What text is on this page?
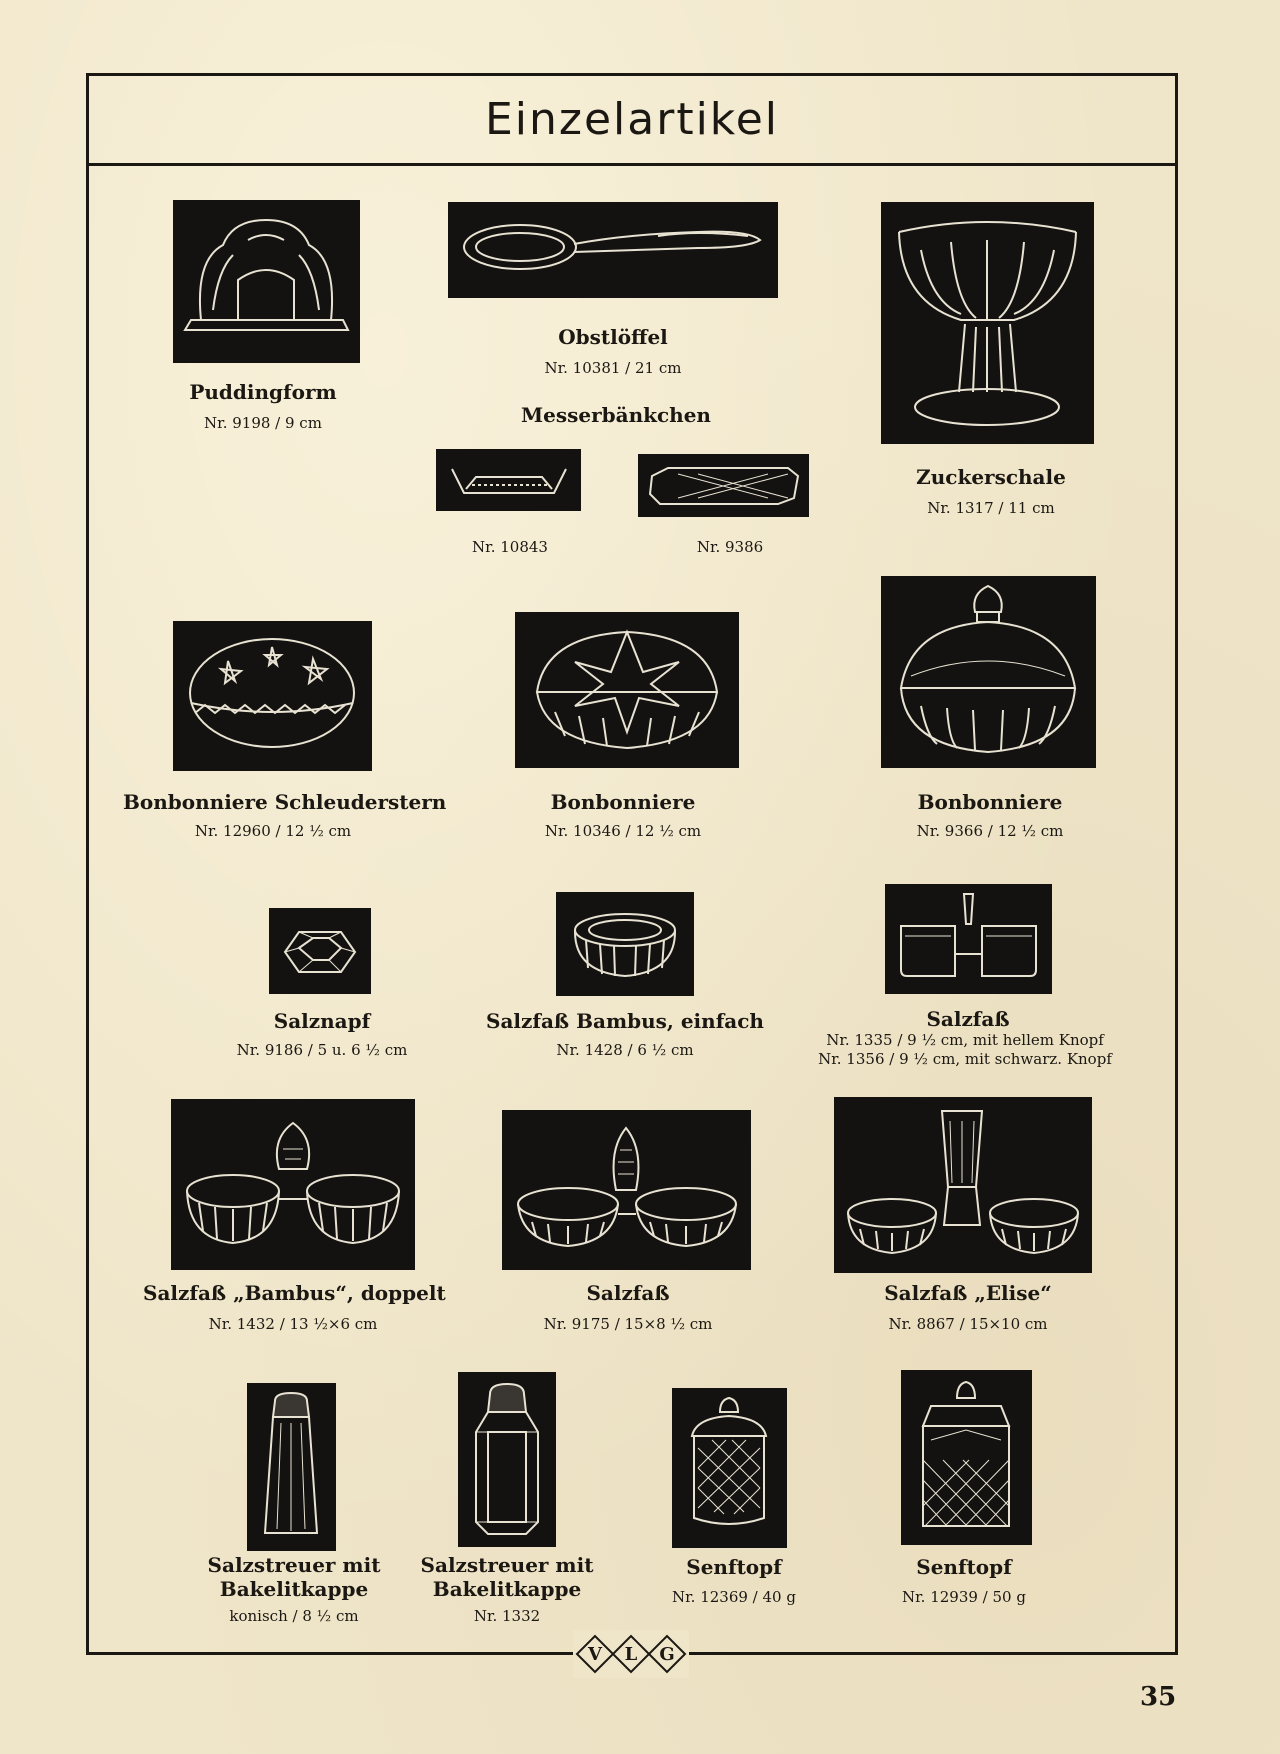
Einzelartikel
Puddingform
Nr. 9198 / 9 cm
Obstlöffel
Nr. 10381 / 21 cm
Messerbänkchen
Nr. 10843	Nr. 9386
Zuckerschale
Nr. 1317 / 11 cm
Bonbonniere Schleuderstern
Nr. 12960 / 12 ½ cm
Bonbonniere
Nr. 10346 / 12 ½ cm
Bonbonniere
Nr. 9366 / 12 ½ cm
Salznapf
Nr. 9186 / 5 u. 6 ½ cm
Salzfaß Bambus, einfach
Nr. 1428 / 6 ½ cm
Salzfaß
Nr. 1335 / 9 ½ cm, mit hellem Knopf
Nr. 1356 / 9 ½ cm, mit schwarz. Knopf
Salzfaß „Bambus“, doppelt
Nr. 1432 / 13 ½×6 cm
Salzfaß
Nr. 9175 / 15×8 ½ cm
Salzfaß „Elise“
Nr. 8867 / 15×10 cm
Salzstreuer mit
Bakelitkappe
konisch / 8 ½ cm
Salzstreuer mit
Bakelitkappe
Nr. 1332
Senftopf
Nr. 12369 / 40 g
Senftopf
Nr. 12939 / 50 g
V L G
35
